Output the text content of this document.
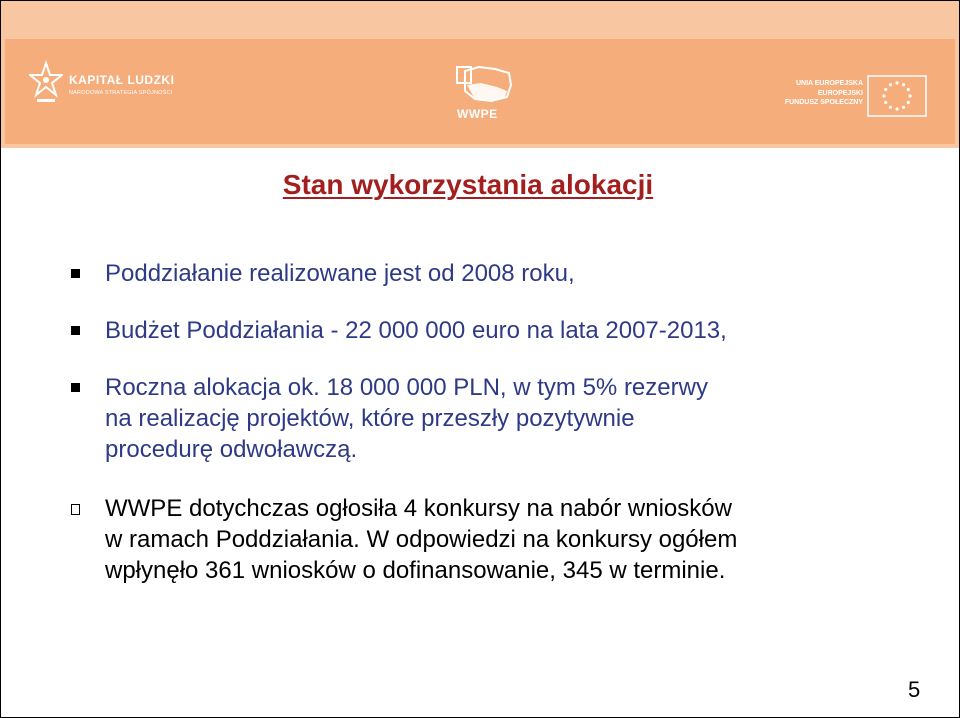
KAPITAŁ LUDZKI
NARODOWA STRATEGIA SPÓJNOŚCI
WWPE
UNIA EUROPEJSKA
EUROPEJSKI
FUNDUSZ SPOŁECZNY
Stan wykorzystania alokacji
Poddziałanie realizowane jest od 2008 roku,
Budżet Poddziałania - 22 000 000 euro na lata 2007-2013,
Roczna alokacja ok. 18 000 000 PLN, w tym 5% rezerwy
na realizację projektów, które przeszły pozytywnie
procedurę odwoławczą.
WWPE dotychczas ogłosiła 4 konkursy na nabór wniosków
w ramach Poddziałania. W odpowiedzi na konkursy ogółem
wpłynęło 361 wniosków o dofinansowanie, 345 w terminie.
5
